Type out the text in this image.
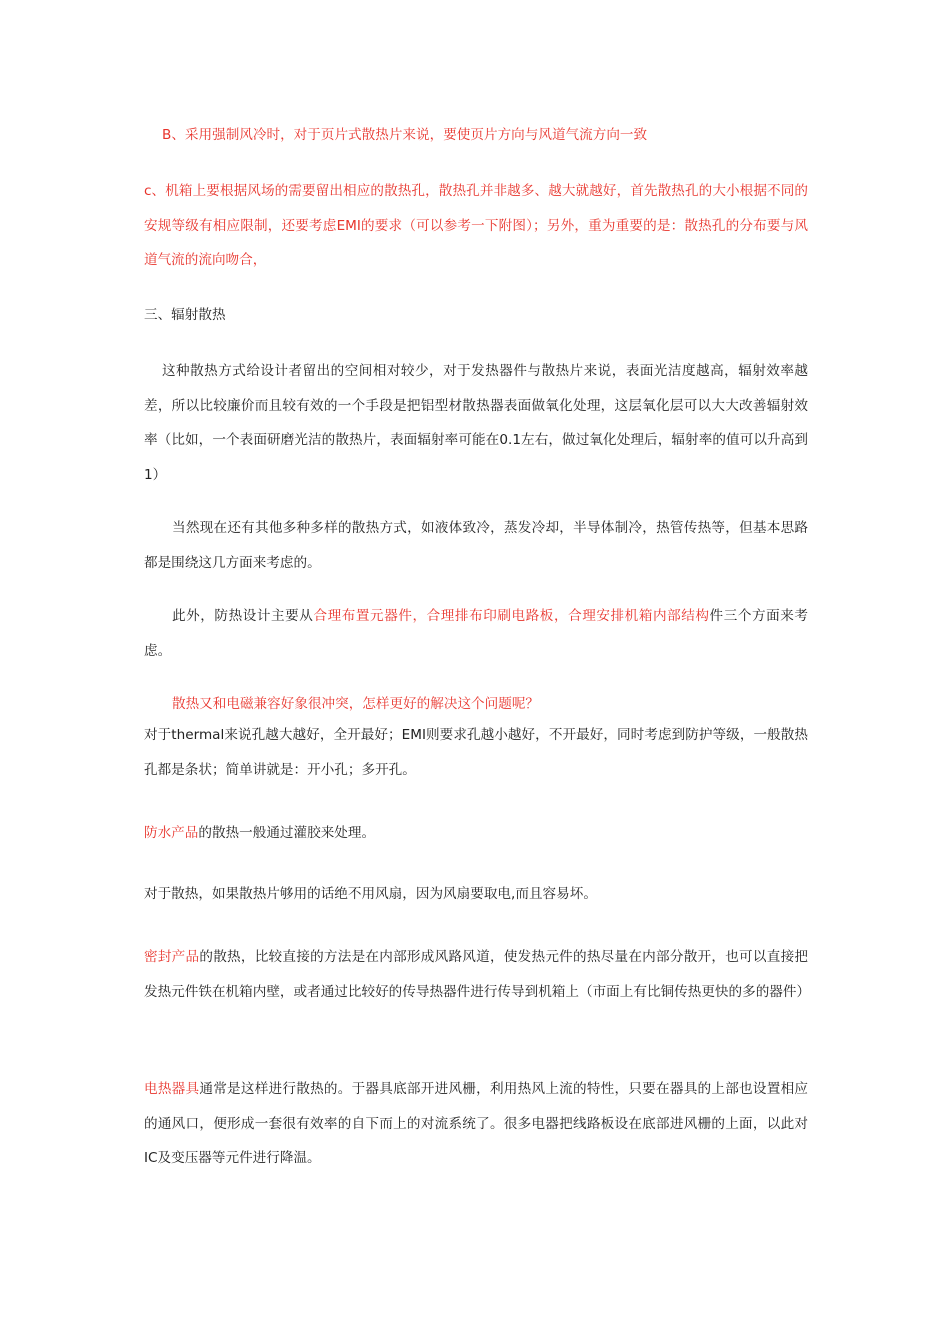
B、采用强制风冷时，对于页片式散热片来说，要使页片方向与风道气流方向一致

c、机箱上要根据风场的需要留出相应的散热孔，散热孔并非越多、越大就越好，首先散热孔的大小根据不同的安规等级有相应限制，还要考虑EMI的要求（可以参考一下附图）；另外，重为重要的是：散热孔的分布要与风道气流的流向吻合，

三、辐射散热

这种散热方式给设计者留出的空间相对较少，对于发热器件与散热片来说，表面光洁度越高，辐射效率越差，所以比较廉价而且较有效的一个手段是把铝型材散热器表面做氧化处理，这层氧化层可以大大改善辐射效率（比如，一个表面研磨光洁的散热片，表面辐射率可能在0.1左右，做过氧化处理后，辐射率的值可以升高到1）

当然现在还有其他多种多样的散热方式，如液体致冷，蒸发冷却，半导体制冷，热管传热等，但基本思路都是围绕这几方面来考虑的。

此外，防热设计主要从合理布置元器件，合理排布印刷电路板，合理安排机箱内部结构件三个方面来考虑。

散热又和电磁兼容好象很冲突，怎样更好的解决这个问题呢？

对于thermal来说孔越大越好，全开最好；EMI则要求孔越小越好，不开最好，同时考虑到防护等级，一般散热孔都是条状；简单讲就是：开小孔；多开孔。

防水产品的散热一般通过灌胶来处理。

对于散热，如果散热片够用的话绝不用风扇，因为风扇要取电,而且容易坏。

密封产品的散热，比较直接的方法是在内部形成风路风道，使发热元件的热尽量在内部分散开，也可以直接把发热元件铁在机箱内壁，或者通过比较好的传导热器件进行传导到机箱上（市面上有比铜传热更快的多的器件）

电热器具通常是这样进行散热的。于器具底部开进风栅，利用热风上流的特性，只要在器具的上部也设置相应的通风口，便形成一套很有效率的自下而上的对流系统了。很多电器把线路板设在底部进风栅的上面，以此对IC及变压器等元件进行降温。
